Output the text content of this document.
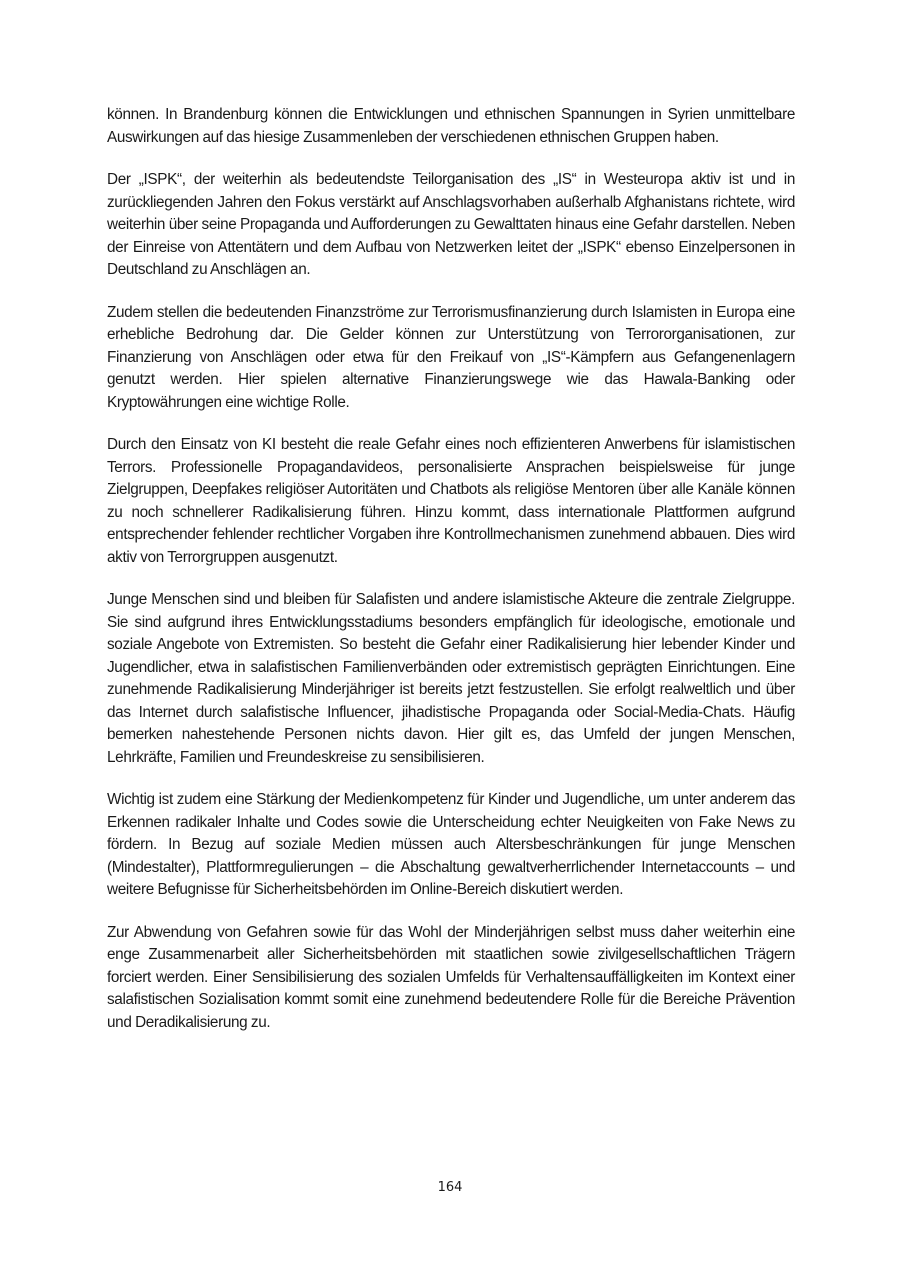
können. In Brandenburg können die Entwicklungen und ethnischen Spannungen in Syrien unmittelbare Auswirkungen auf das hiesige Zusammenleben der verschiedenen ethnischen Gruppen haben.

Der „ISPK“, der weiterhin als bedeutendste Teilorganisation des „IS“ in Westeuropa aktiv ist und in zurückliegenden Jahren den Fokus verstärkt auf Anschlagsvorhaben außerhalb Afghanistans richtete, wird weiterhin über seine Propaganda und Aufforderungen zu Gewalttaten hinaus eine Gefahr darstellen. Neben der Einreise von Attentätern und dem Aufbau von Netzwerken leitet der „ISPK“ ebenso Einzelpersonen in Deutschland zu Anschlägen an.

Zudem stellen die bedeutenden Finanzströme zur Terrorismusfinanzierung durch Islamisten in Europa eine erhebliche Bedrohung dar. Die Gelder können zur Unterstützung von Terrororganisationen, zur Finanzierung von Anschlägen oder etwa für den Freikauf von „IS“-Kämpfern aus Gefangenenlagern genutzt werden. Hier spielen alternative Finanzierungswege wie das Hawala-Banking oder Kryptowährungen eine wichtige Rolle.

Durch den Einsatz von KI besteht die reale Gefahr eines noch effizienteren Anwerbens für islamistischen Terrors. Professionelle Propagandavideos, personalisierte Ansprachen beispielsweise für junge Zielgruppen, Deepfakes religiöser Autoritäten und Chatbots als religiöse Mentoren über alle Kanäle können zu noch schnellerer Radikalisierung führen. Hinzu kommt, dass internationale Plattformen aufgrund entsprechender fehlender rechtlicher Vorgaben ihre Kontrollmechanismen zunehmend abbauen. Dies wird aktiv von Terrorgruppen ausgenutzt.

Junge Menschen sind und bleiben für Salafisten und andere islamistische Akteure die zentrale Zielgruppe. Sie sind aufgrund ihres Entwicklungsstadiums besonders empfänglich für ideologische, emotionale und soziale Angebote von Extremisten. So besteht die Gefahr einer Radikalisierung hier lebender Kinder und Jugendlicher, etwa in salafistischen Familienverbänden oder extremistisch geprägten Einrichtungen. Eine zunehmende Radikalisierung Minderjähriger ist bereits jetzt festzustellen. Sie erfolgt realweltlich und über das Internet durch salafistische Influencer, jihadistische Propaganda oder Social-Media-Chats. Häufig bemerken nahestehende Personen nichts davon. Hier gilt es, das Umfeld der jungen Menschen, Lehrkräfte, Familien und Freundeskreise zu sensibilisieren.

Wichtig ist zudem eine Stärkung der Medienkompetenz für Kinder und Jugendliche, um unter anderem das Erkennen radikaler Inhalte und Codes sowie die Unterscheidung echter Neuigkeiten von Fake News zu fördern. In Bezug auf soziale Medien müssen auch Altersbeschränkungen für junge Menschen (Mindestalter), Plattformregulierungen – die Abschaltung gewaltverherrlichender Internetaccounts – und weitere Befugnisse für Sicherheitsbehörden im Online-Bereich diskutiert werden.

Zur Abwendung von Gefahren sowie für das Wohl der Minderjährigen selbst muss daher weiterhin eine enge Zusammenarbeit aller Sicherheitsbehörden mit staatlichen sowie zivilgesellschaftlichen Trägern forciert werden. Einer Sensibilisierung des sozialen Umfelds für Verhaltensauffälligkeiten im Kontext einer salafistischen Sozialisation kommt somit eine zunehmend bedeutendere Rolle für die Bereiche Prävention und Deradikalisierung zu.

164
